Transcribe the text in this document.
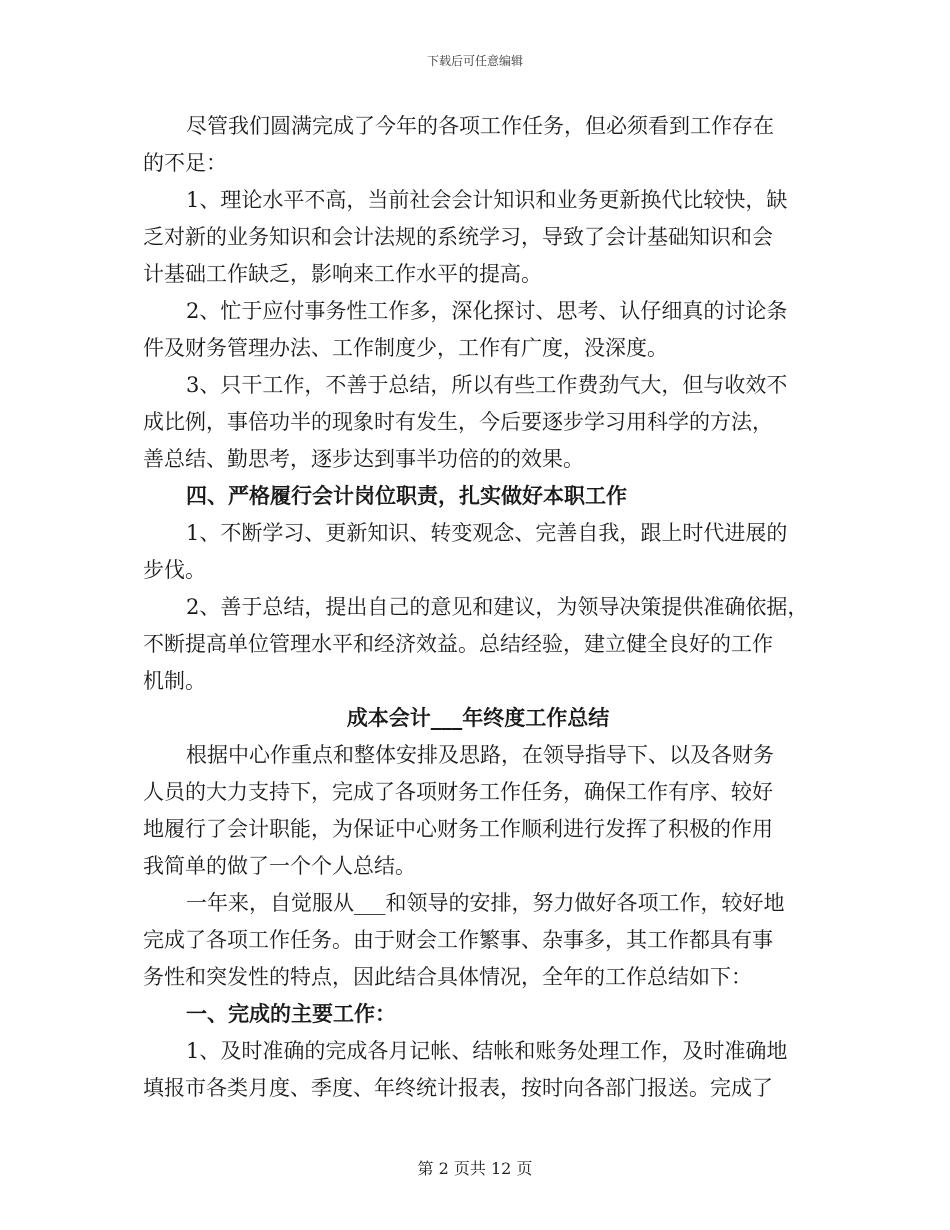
下载后可任意编辑
尽管我们圆满完成了今年的各项工作任务，但必须看到工作存在
的不足：
1、理论水平不高，当前社会会计知识和业务更新换代比较快，缺
乏对新的业务知识和会计法规的系统学习，导致了会计基础知识和会
计基础工作缺乏，影响来工作水平的提高。
2、忙于应付事务性工作多，深化探讨、思考、认仔细真的讨论条
件及财务管理办法、工作制度少，工作有广度，没深度。
3、只干工作，不善于总结，所以有些工作费劲气大，但与收效不
成比例，事倍功半的现象时有发生，今后要逐步学习用科学的方法，
善总结、勤思考，逐步达到事半功倍的的效果。
四、严格履行会计岗位职责，扎实做好本职工作
1、不断学习、更新知识、转变观念、完善自我，跟上时代进展的
步伐。
2、善于总结，提出自己的意见和建议，为领导决策提供准确依据，
不断提高单位管理水平和经济效益。总结经验，建立健全良好的工作
机制。
成本会计___年终度工作总结
根据中心作重点和整体安排及思路，在领导指导下、以及各财务
人员的大力支持下，完成了各项财务工作任务，确保工作有序、较好
地履行了会计职能，为保证中心财务工作顺利进行发挥了积极的作用
我简单的做了一个个人总结。
一年来，自觉服从___和领导的安排，努力做好各项工作，较好地
完成了各项工作任务。由于财会工作繁事、杂事多，其工作都具有事
务性和突发性的特点，因此结合具体情况，全年的工作总结如下：
一、完成的主要工作：
1、及时准确的完成各月记帐、结帐和账务处理工作，及时准确地
填报市各类月度、季度、年终统计报表，按时向各部门报送。完成了
第 2 页共 12 页
